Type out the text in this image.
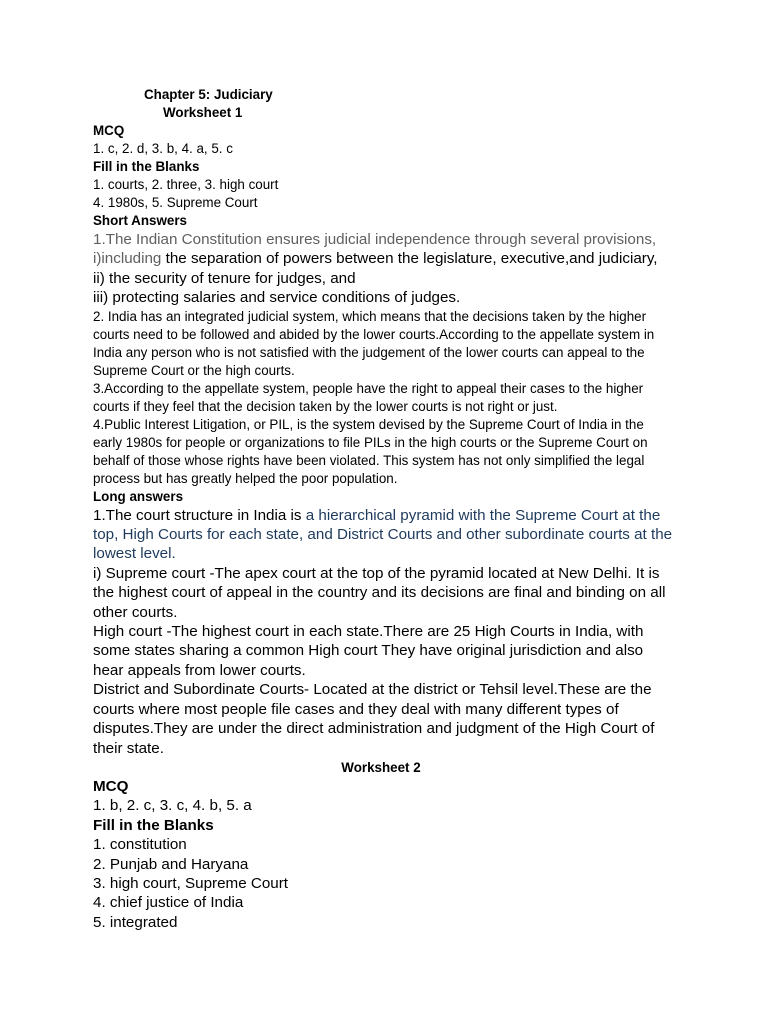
Chapter 5: Judiciary

Worksheet 1

MCQ

1. c, 2. d, 3. b, 4. a, 5. c

Fill in the Blanks

1. courts, 2. three, 3. high court

4. 1980s, 5. Supreme Court

Short Answers

1.The Indian Constitution ensures judicial independence through several provisions,

i)including the separation of powers between the legislature, executive,and judiciary,

ii) the security of tenure for judges, and

iii) protecting salaries and service conditions of judges.

2. India has an integrated judicial system, which means that the decisions taken by the higher courts need to be followed and abided by the lower courts.According to the appellate system in India any person who is not satisfied with the judgement of the lower courts can appeal to the Supreme Court or the high courts.

3.According to the appellate system, people have the right to appeal their cases to the higher courts if they feel that the decision taken by the lower courts is not right or just.

4.Public Interest Litigation, or PIL, is the system devised by the Supreme Court of India in the early 1980s for people or organizations to file PILs in the high courts or the Supreme Court on behalf of those whose rights have been violated. This system has not only simplified the legal process but has greatly helped the poor population.

Long answers

1.The court structure in India is a hierarchical pyramid with the Supreme Court at the top, High Courts for each state, and District Courts and other subordinate courts at the lowest level.

i) Supreme court -The apex court at the top of the pyramid located at New Delhi. It is the highest court of appeal in the country and its decisions are final and binding on all other courts.

High court -The highest court in each state.There are 25 High Courts in India, with some states sharing a common High court They have original jurisdiction and also hear appeals from lower courts.

District and Subordinate Courts- Located at the district or Tehsil level.These are the courts where most people file cases and they deal with many different types of disputes.They are under the direct administration and judgment of the High Court of their state.

Worksheet 2

MCQ

1. b, 2. c, 3. c, 4. b, 5. a

Fill in the Blanks

1. constitution

2. Punjab and Haryana

3. high court, Supreme Court

4. chief justice of India

5. integrated
